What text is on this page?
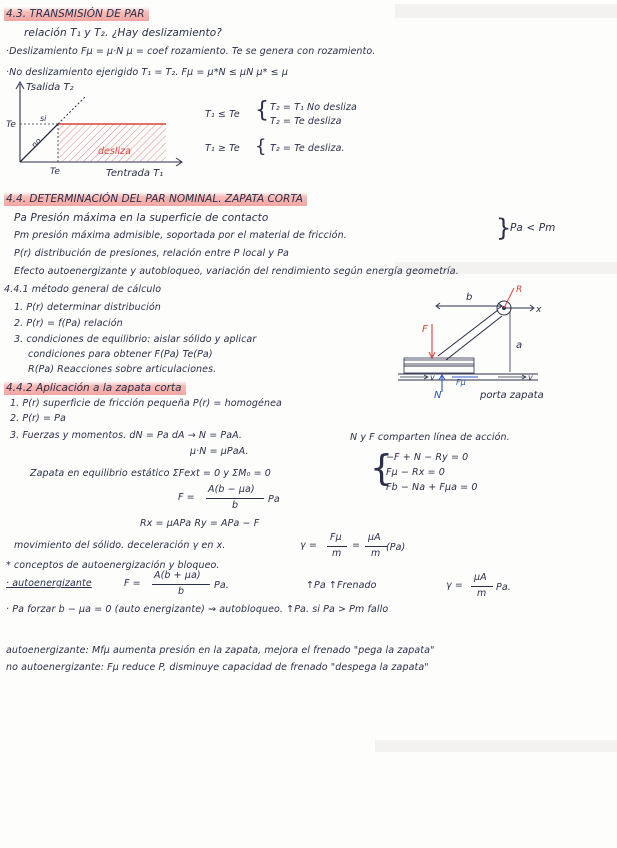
4.3. TRANSMISIÓN DE PAR
relación T₁ y T₂. ¿Hay deslizamiento?
·Deslizamiento Fμ = μ·N μ = coef rozamiento. Te se genera con rozamiento.
·No deslizamiento ejerigido T₁ = T₂. Fμ = μ*N ≤ μN μ* ≤ μ
Tsalida T₂
Tentrada T₁
Te
Te
si
no
desliza
T₁ ≤ Te { T₂ = T₁ No desliza
T₂ = Te desliza
T₁ ≥ Te { T₂ = Te desliza.
4.4. DETERMINACIÓN DEL PAR NOMINAL. ZAPATA CORTA
Pa Presión máxima en la superficie de contacto
Pm presión máxima admisible, soportada por el material de fricción.	}
Pa < Pm
P(r) distribución de presiones, relación entre P local y Pa
Efecto autoenergizante y autobloqueo, variación del rendimiento según energía geometría.
4.4.1 método general de cálculo
1. P(r) determinar distribución
2. P(r) = f(Pa) relación
3. condiciones de equilibrio: aislar sólido y aplicar
condiciones para obtener F(Pa) Te(Pa)
R(Pa) Reacciones sobre articulaciones.
b
x
R
a
F
v	v
N
Fμ
porta zapata
4.4.2 Aplicación a la zapata corta
1. P(r) superficie de fricción pequeña P(r) = homogénea
2. P(r) = Pa
3. Fuerzas y momentos. dN = Pa dA → N = PaA.	N y F comparten línea de acción.
μ·N = μPaA.
Zapata en equilibrio estático ΣFext = 0 y ΣM₀ = 0	{
−F + N − Ry = 0
Fμ − Rx = 0
Fb − Na + Fμa = 0
F =
A(b − μa)
b
Pa
Rx = μAPa Ry = APa − F
movimiento del sólido. deceleración γ en x.	γ =
Fμ
m
=
μA
m
(Pa)
* conceptos de autoenergización y bloqueo.
· autoenergizante	F =
A(b + μa)
b
Pa.	↑Pa ↑Frenado	γ =
μA
m
Pa.
· Pa forzar b − μa = 0 (auto energizante) ⇝ autobloqueo. ↑Pa. si Pa > Pm fallo
autoenergizante: Mfμ aumenta presión en la zapata, mejora el frenado "pega la zapata"
no autoenergizante: Fμ reduce P, disminuye capacidad de frenado "despega la zapata"
